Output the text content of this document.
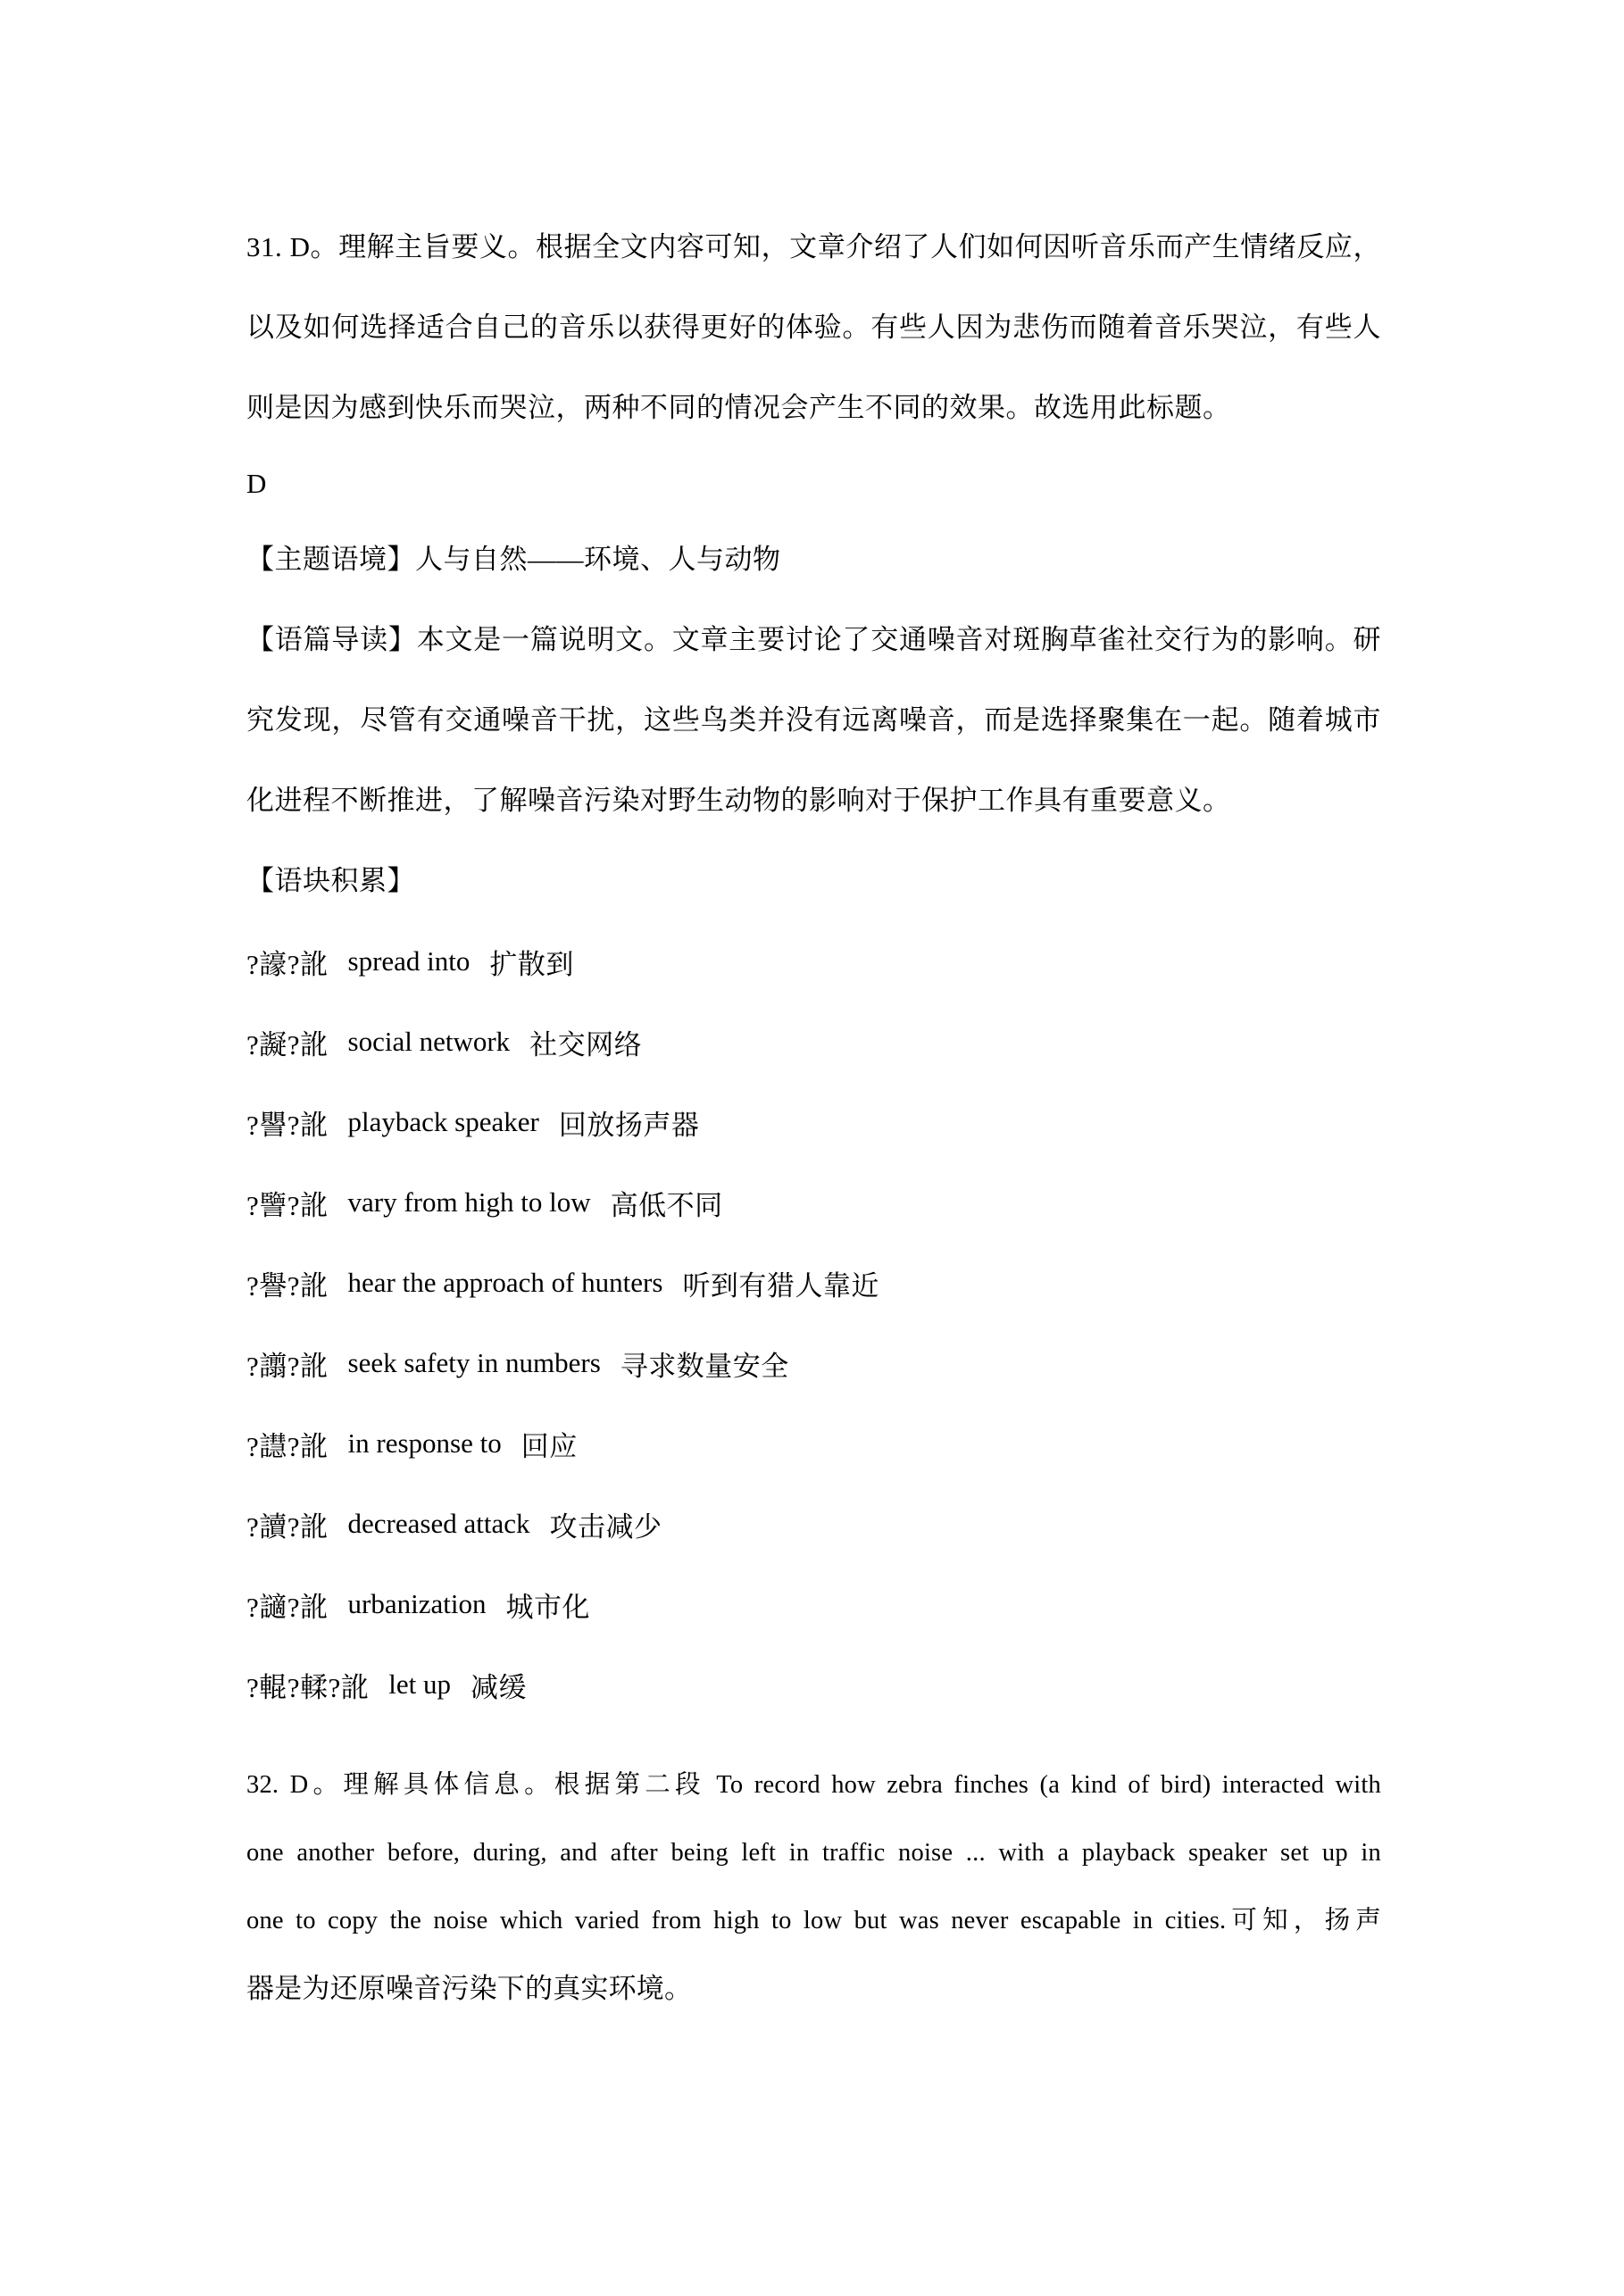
31. D。理解主旨要义。根据全文内容可知，文章介绍了人们如何因听音乐而产生情绪反应，
以及如何选择适合自己的音乐以获得更好的体验。有些人因为悲伤而随着音乐哭泣，有些人
则是因为感到快乐而哭泣，两种不同的情况会产生不同的效果。故选用此标题。
D
【主题语境】人与自然——环境、人与动物
【语篇导读】本文是一篇说明文。文章主要讨论了交通噪音对斑胸草雀社交行为的影响。研
究发现，尽管有交通噪音干扰，这些鸟类并没有远离噪音，而是选择聚集在一起。随着城市
化进程不断推进，了解噪音污染对野生动物的影响对于保护工作具有重要意义。
【语块积累】
?譹?訛 spread into 扩散到
?譺?訛 social network 社交网络
?譻?訛 playback speaker 回放扬声器
?譼?訛 vary from high to low 高低不同
?譽?訛 hear the approach of hunters 听到有猎人靠近
?譾?訛 seek safety in numbers 寻求数量安全
?譿?訛 in response to 回应
?讀?訛 decreased attack 攻击减少
?讁?訛 urbanization 城市化
?輥?輮?訛 let up 减缓
32. D。理解具体信息。根据第二段 To record how zebra finches (a kind of bird) interacted with
one another before, during, and after being left in traffic noise ... with a playback speaker set up in
one to copy the noise which varied from high to low but was never escapable in cities.可知，扬声
器是为还原噪音污染下的真实环境。
